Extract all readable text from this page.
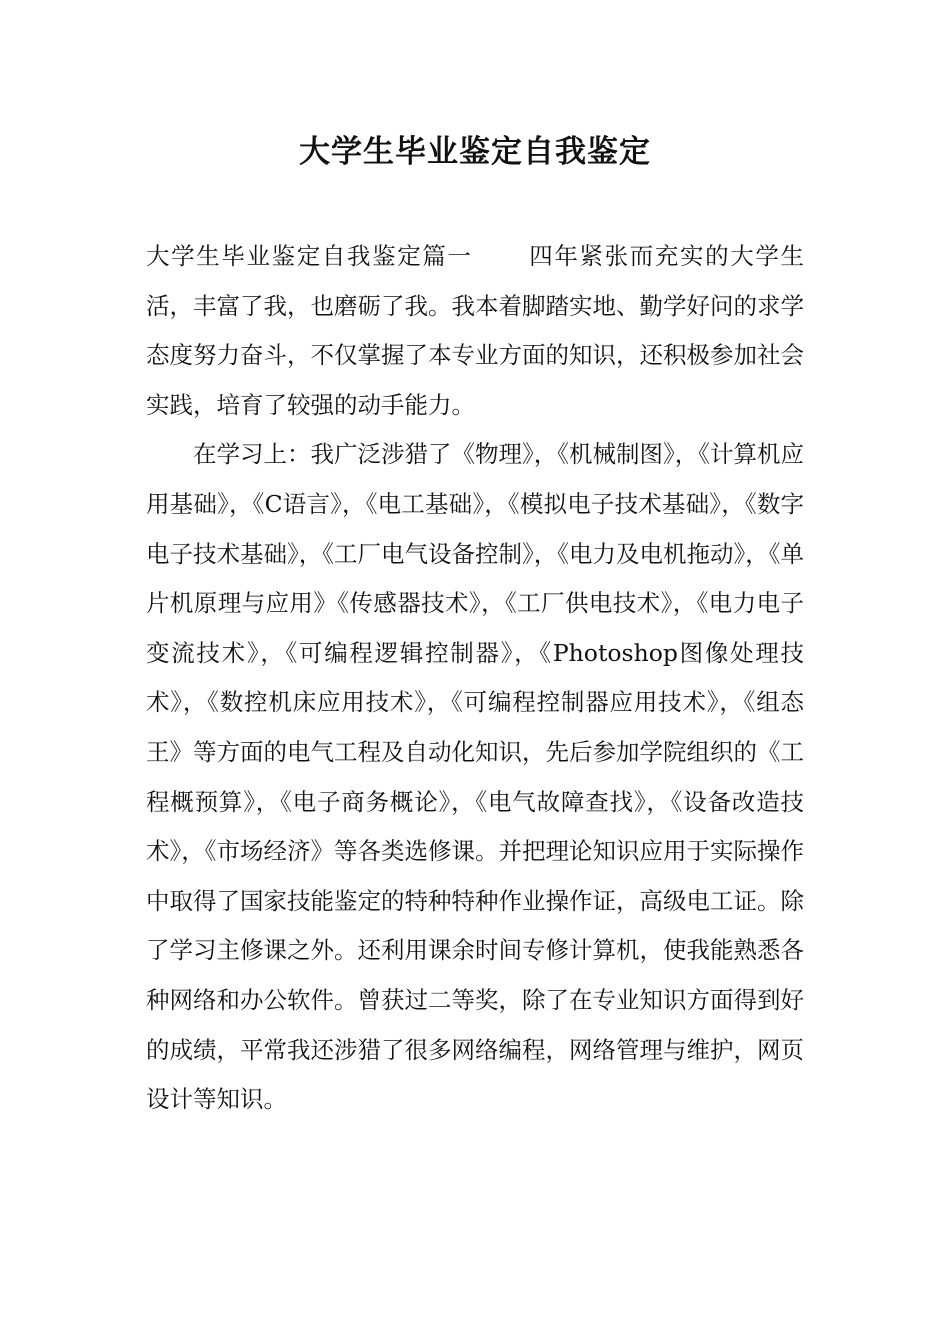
大学生毕业鉴定自我鉴定

大学生毕业鉴定自我鉴定篇一 四年紧张而充实的大学生活，丰富了我，也磨砺了我。我本着脚踏实地、勤学好问的求学态度努力奋斗，不仅掌握了本专业方面的知识，还积极参加社会实践，培育了较强的动手能力。

在学习上：我广泛涉猎了《物理》，《机械制图》，《计算机应用基础》，《C语言》，《电工基础》，《模拟电子技术基础》，《数字电子技术基础》，《工厂电气设备控制》，《电力及电机拖动》，《单片机原理与应用》《传感器技术》，《工厂供电技术》，《电力电子变流技术》，《可编程逻辑控制器》，《Photoshop图像处理技术》，《数控机床应用技术》，《可编程控制器应用技术》，《组态王》等方面的电气工程及自动化知识，先后参加学院组织的《工程概预算》，《电子商务概论》，《电气故障查找》，《设备改造技术》，《市场经济》等各类选修课。并把理论知识应用于实际操作中取得了国家技能鉴定的特种特种作业操作证，高级电工证。除了学习主修课之外。还利用课余时间专修计算机，使我能熟悉各种网络和办公软件。曾获过二等奖，除了在专业知识方面得到好的成绩，平常我还涉猎了很多网络编程，网络管理与维护，网页设计等知识。
